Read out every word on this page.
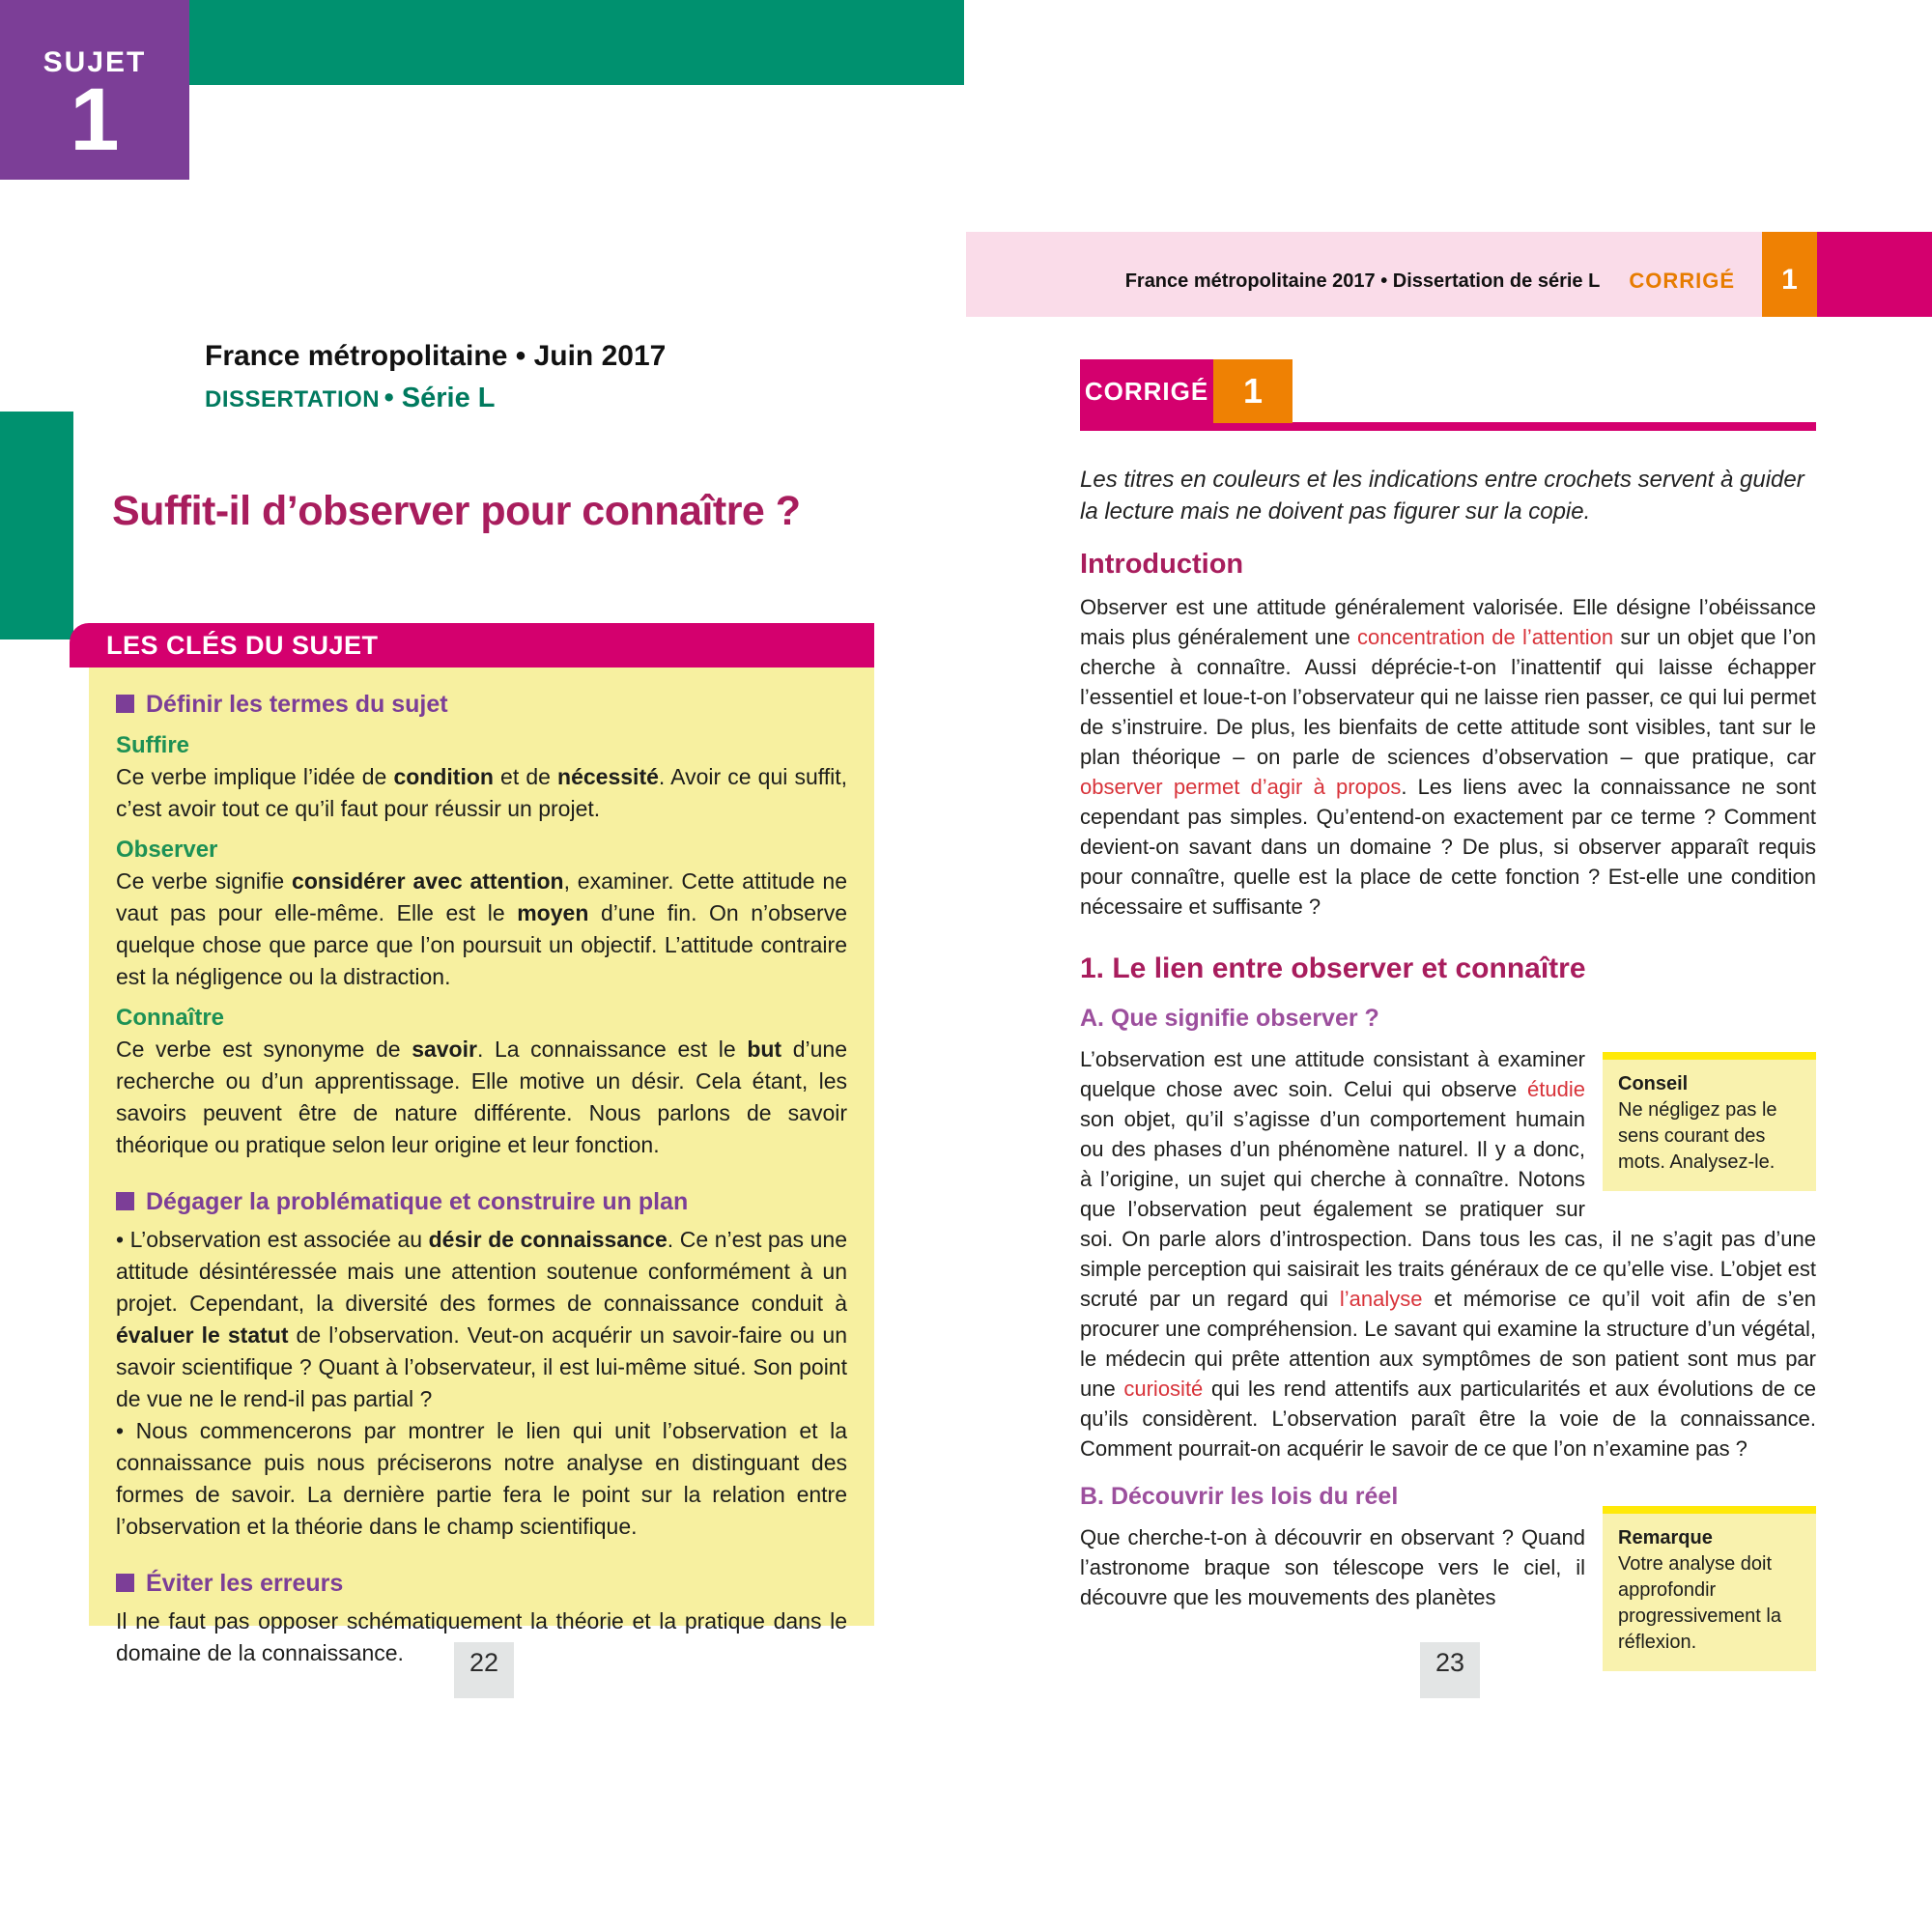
SUJET
1
France métropolitaine • Juin 2017
DISSERTATION • Série L
Suffit-il d’observer pour connaître ?
LES CLÉS DU SUJET
Définir les termes du sujet
Suffire

Ce verbe implique l’idée de condition et de nécessité. Avoir ce qui suffit, c’est avoir tout ce qu’il faut pour réussir un projet.

Observer

Ce verbe signifie considérer avec attention, examiner. Cette attitude ne vaut pas pour elle-même. Elle est le moyen d’une fin. On n’observe quelque chose que parce que l’on poursuit un objectif. L’attitude contraire est la négligence ou la distraction.

Connaître

Ce verbe est synonyme de savoir. La connaissance est le but d’une recherche ou d’un apprentissage. Elle motive un désir. Cela étant, les savoirs peuvent être de nature différente. Nous parlons de savoir théorique ou pratique selon leur origine et leur fonction.

Dégager la problématique et construire un plan

• L’observation est associée au désir de connaissance. Ce n’est pas une attitude désintéressée mais une attention soutenue conformément à un projet. Cependant, la diversité des formes de connaissance conduit à évaluer le statut de l’observation. Veut-on acquérir un savoir-faire ou un savoir scientifique ? Quant à l’observateur, il est lui-même situé. Son point de vue ne le rend-il pas partial ?

• Nous commencerons par montrer le lien qui unit l’observation et la connaissance puis nous préciserons notre analyse en distinguant des formes de savoir. La dernière partie fera le point sur la relation entre l’observation et la théorie dans le champ scientifique.

Éviter les erreurs

Il ne faut pas opposer schématiquement la théorie et la pratique dans le domaine de la connaissance.	22
France métropolitaine 2017 • Dissertation de série L CORRIGÉ 1
CORRIGÉ 1

Les titres en couleurs et les indications entre crochets servent à guider la lecture mais ne doivent pas figurer sur la copie.

Introduction

Observer est une attitude généralement valorisée. Elle désigne l’obéissance mais plus généralement une concentration de l’attention sur un objet que l’on cherche à connaître. Aussi déprécie-t-on l’inattentif qui laisse échapper l’essentiel et loue-t-on l’observateur qui ne laisse rien passer, ce qui lui permet de s’instruire. De plus, les bienfaits de cette attitude sont visibles, tant sur le plan théorique – on parle de sciences d’observation – que pratique, car observer permet d’agir à propos. Les liens avec la connaissance ne sont cependant pas simples. Qu’entend-on exactement par ce terme ? Comment devient-on savant dans un domaine ? De plus, si observer apparaît requis pour connaître, quelle est la place de cette fonction ? Est-elle une condition nécessaire et suffisante ?

1. Le lien entre observer et connaître
A. Que signifie observer ?
Conseil
Ne négligez pas le sens courant des mots. Analysez-le.

L’observation est une attitude consistant à examiner quelque chose avec soin. Celui qui observe étudie son objet, qu’il s’agisse d’un comportement humain ou des phases d’un phénomène naturel. Il y a donc, à l’origine, un sujet qui cherche à connaître. Notons que l’observation peut également se pratiquer sur soi. On parle alors d’introspection. Dans tous les cas, il ne s’agit pas d’une simple perception qui saisirait les traits généraux de ce qu’elle vise. L’objet est scruté par un regard qui l’analyse et mémorise ce qu’il voit afin de s’en procurer une compréhension. Le savant qui examine la structure d’un végétal, le médecin qui prête attention aux symptômes de son patient sont mus par une curiosité qui les rend attentifs aux particularités et aux évolutions de ce qu’ils considèrent. L’observation paraît être la voie de la connaissance. Comment pourrait-on acquérir le savoir de ce que l’on n’examine pas ?

Remarque
Votre analyse doit approfondir progressivement la réflexion.
B. Découvrir les lois du réel

Que cherche-t-on à découvrir en observant ? Quand l’astronome braque son télescope vers le ciel, il découvre que les mouvements des planètes

23
